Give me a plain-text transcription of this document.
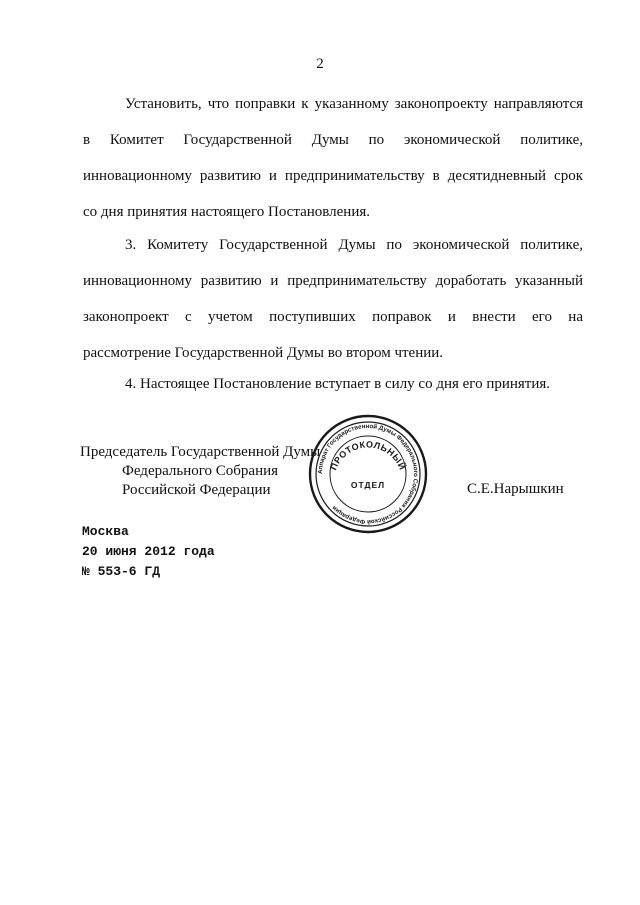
2
Установить, что поправки к указанному законопроекту направляются
в Комитет Государственной Думы по экономической политике,
инновационному развитию и предпринимательству в десятидневный срок
со дня принятия настоящего Постановления.
3. Комитету Государственной Думы по экономической политике,
инновационному развитию и предпринимательству доработать указанный
законопроект с учетом поступивших поправок и внести его на
рассмотрение Государственной Думы во втором чтении.
4. Настоящее Постановление вступает в силу со дня его принятия.
Председатель Государственной Думы
Федерального Собрания
Российской Федерации	С.Е.Нарышкин
Аппарат Государственной Думы Федерального Собрания Российской Федерации
ПРОТОКОЛЬНЫЙ
ОТДЕЛ
Москва
20 июня 2012 года
№ 553-6 ГД
